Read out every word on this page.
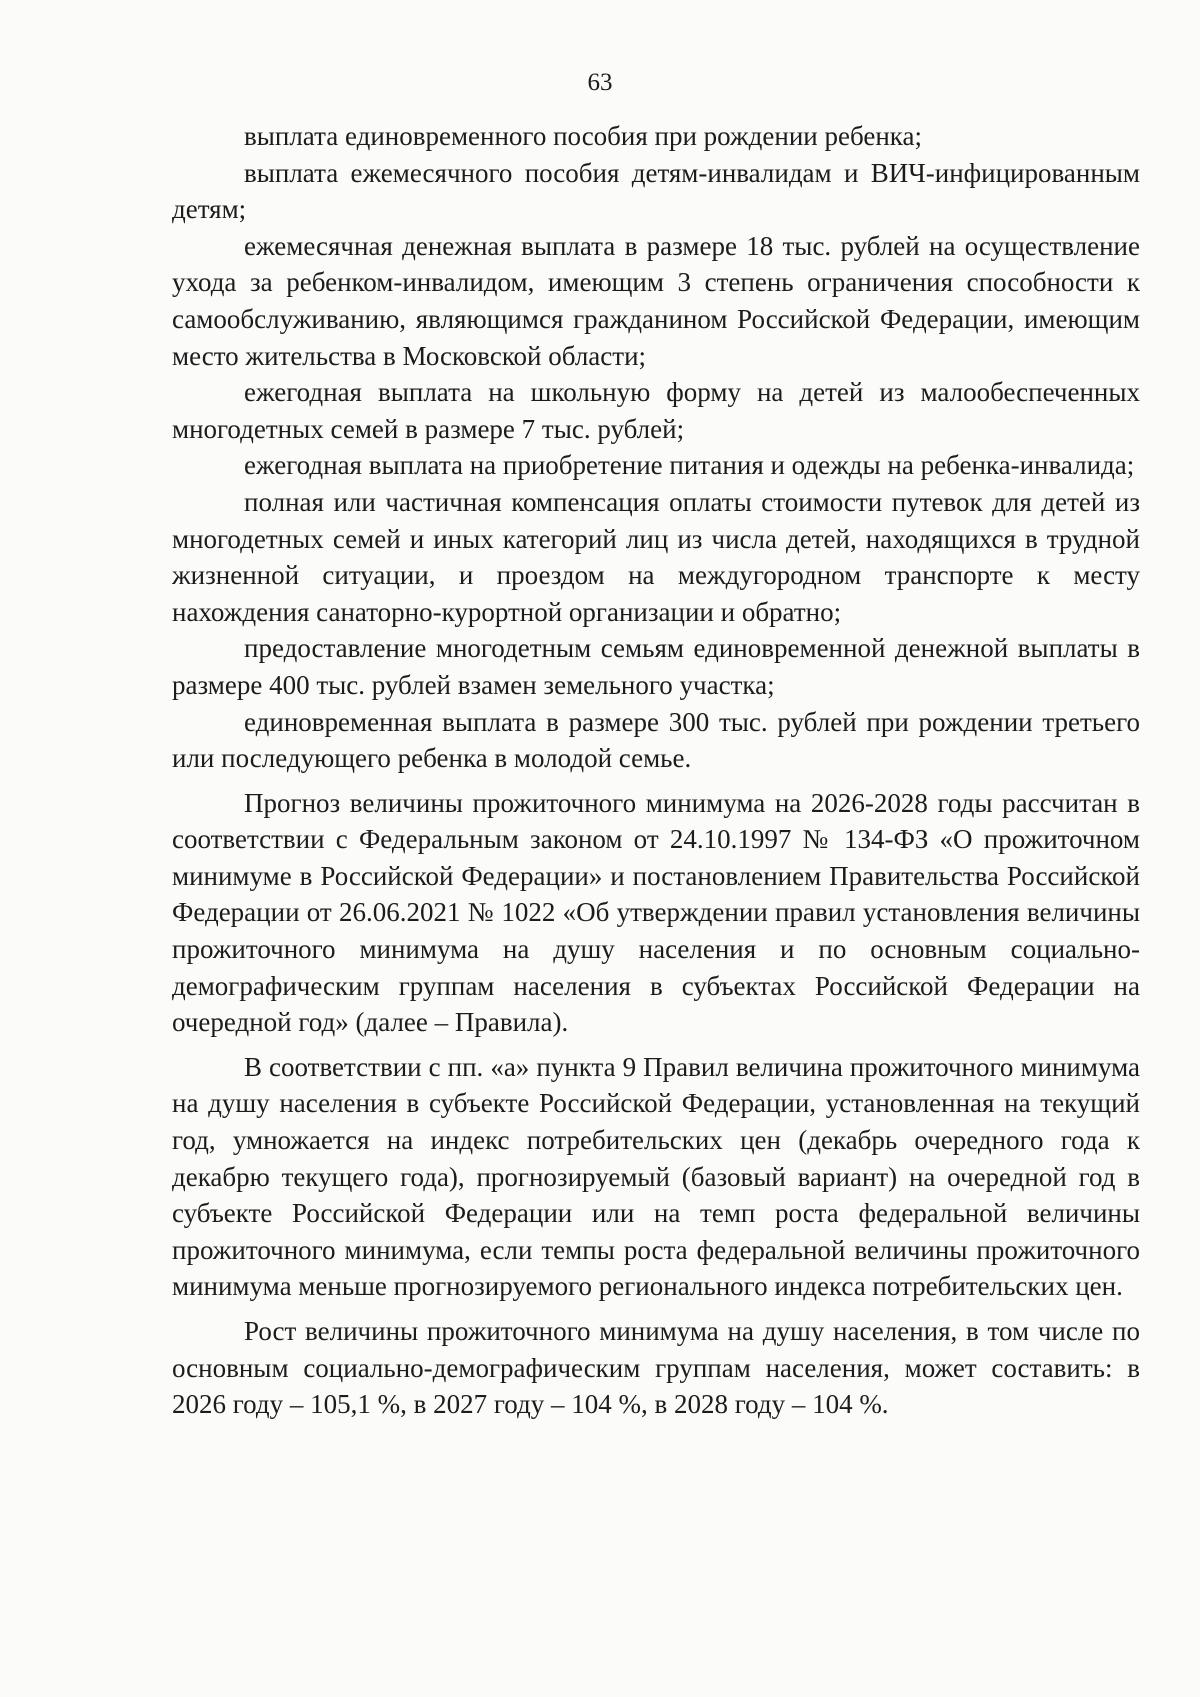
63

выплата единовременного пособия при рождении ребенка;

выплата ежемесячного пособия детям-инвалидам и ВИЧ-инфицированным детям;

ежемесячная денежная выплата в размере 18 тыс. рублей на осуществление ухода за ребенком-инвалидом, имеющим 3 степень ограничения способности к самообслуживанию, являющимся гражданином Российской Федерации, имеющим место жительства в Московской области;

ежегодная выплата на школьную форму на детей из малообеспеченных многодетных семей в размере 7 тыс. рублей;

ежегодная выплата на приобретение питания и одежды на ребенка-инвалида;

полная или частичная компенсация оплаты стоимости путевок для детей из многодетных семей и иных категорий лиц из числа детей, находящихся в трудной жизненной ситуации, и проездом на междугородном транспорте к месту нахождения санаторно-курортной организации и обратно;

предоставление многодетным семьям единовременной денежной выплаты в размере 400 тыс. рублей взамен земельного участка;

единовременная выплата в размере 300 тыс. рублей при рождении третьего или последующего ребенка в молодой семье.

Прогноз величины прожиточного минимума на 2026-2028 годы рассчитан в соответствии с Федеральным законом от 24.10.1997 № 134-ФЗ «О прожиточном минимуме в Российской Федерации» и постановлением Правительства Российской Федерации от 26.06.2021 № 1022 «Об утверждении правил установления величины прожиточного минимума на душу населения и по основным социально-демографическим группам населения в субъектах Российской Федерации на очередной год» (далее – Правила).

В соответствии с пп. «а» пункта 9 Правил величина прожиточного минимума на душу населения в субъекте Российской Федерации, установленная на текущий год, умножается на индекс потребительских цен (декабрь очередного года к декабрю текущего года), прогнозируемый (базовый вариант) на очередной год в субъекте Российской Федерации или на темп роста федеральной величины прожиточного минимума, если темпы роста федеральной величины прожиточного минимума меньше прогнозируемого регионального индекса потребительских цен.

Рост величины прожиточного минимума на душу населения, в том числе по основным социально-демографическим группам населения, может составить: в 2026 году – 105,1 %, в 2027 году – 104 %, в 2028 году – 104 %.
